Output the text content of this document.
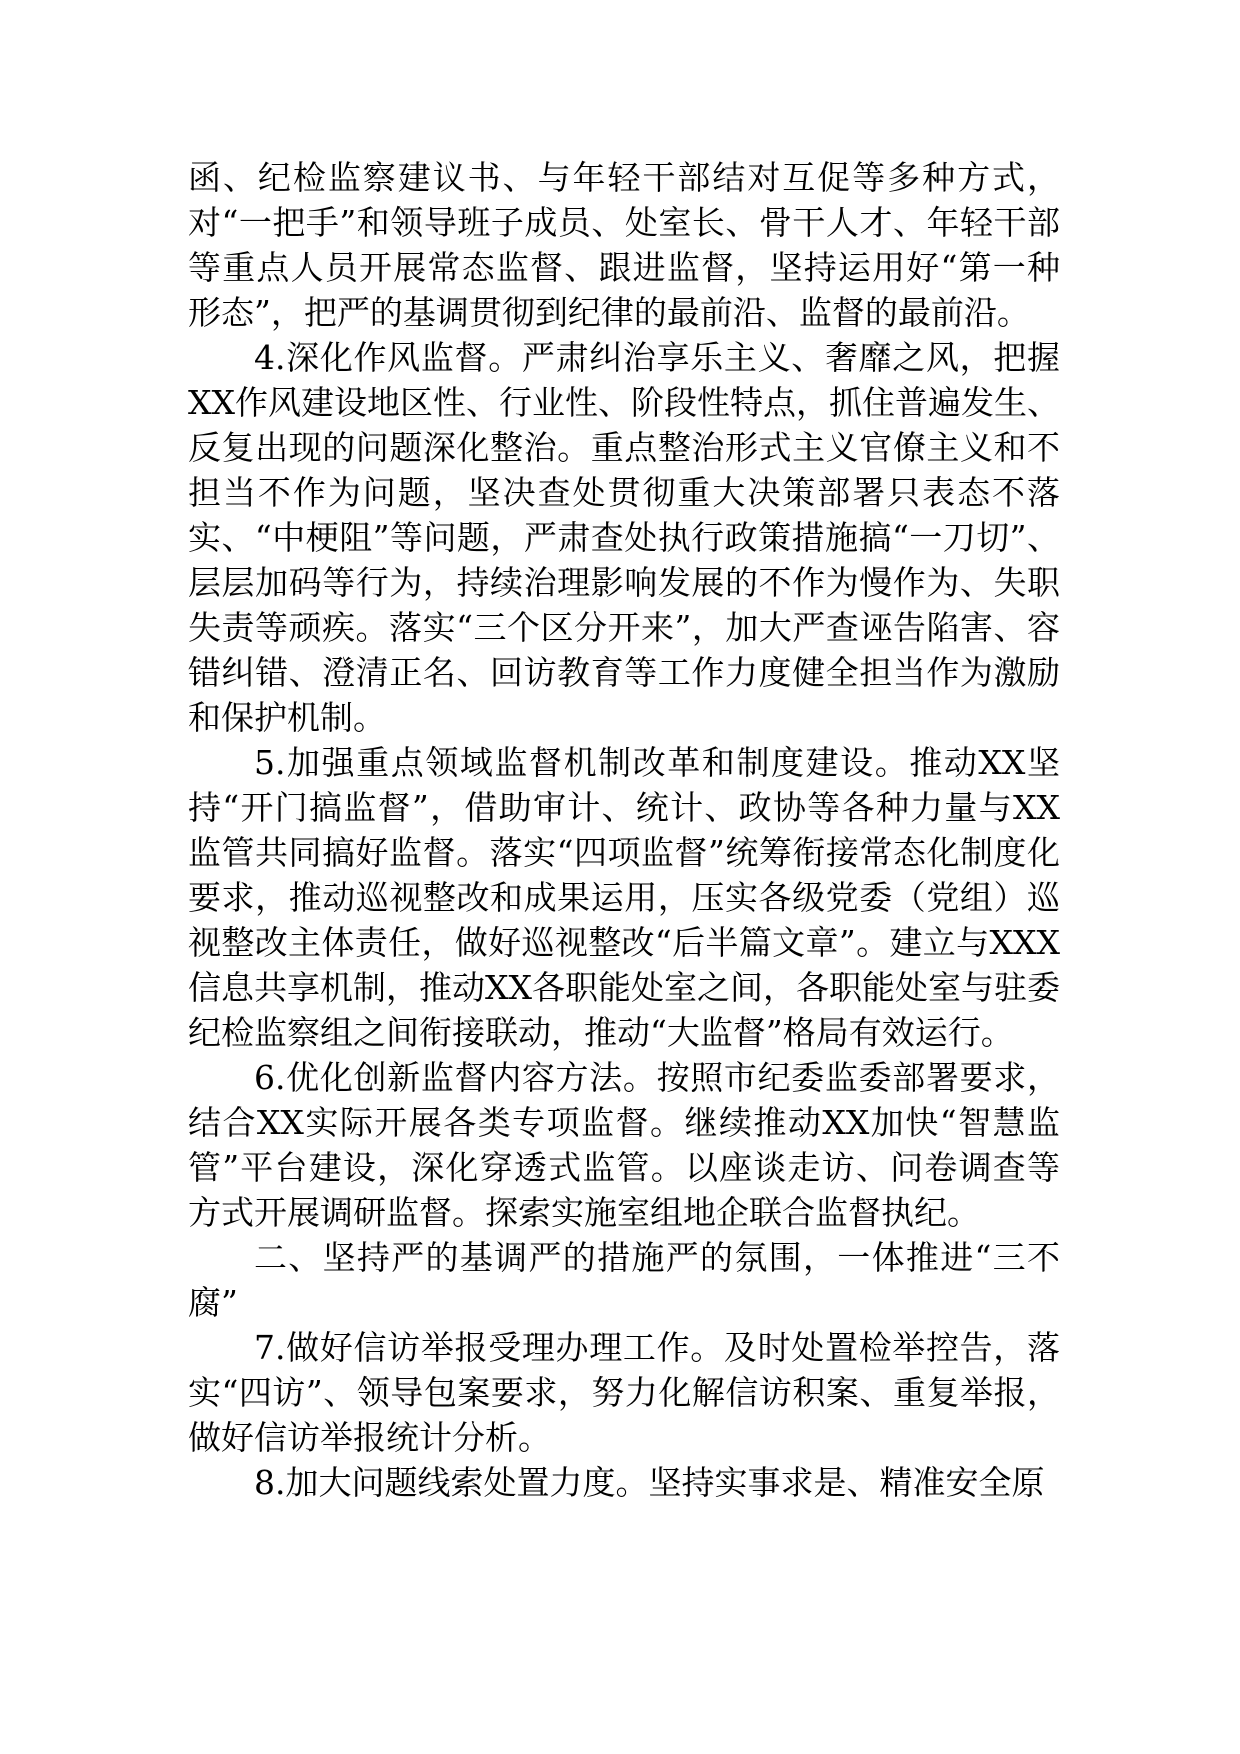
函、纪检监察建议书、与年轻干部结对互促等多种方式，对“一把手”和领导班子成员、处室长、骨干人才、年轻干部等重点人员开展常态监督、跟进监督，坚持运用好“第一种形态”，把严的基调贯彻到纪律的最前沿、监督的最前沿。

4.深化作风监督。严肃纠治享乐主义、奢靡之风，把握XX作风建设地区性、行业性、阶段性特点，抓住普遍发生、反复出现的问题深化整治。重点整治形式主义官僚主义和不担当不作为问题，坚决查处贯彻重大决策部署只表态不落实、“中梗阻”等问题，严肃查处执行政策措施搞“一刀切”、层层加码等行为，持续治理影响发展的不作为慢作为、失职失责等顽疾。落实“三个区分开来”，加大严查诬告陷害、容错纠错、澄清正名、回访教育等工作力度健全担当作为激励和保护机制。

5.加强重点领域监督机制改革和制度建设。推动XX坚持“开门搞监督”，借助审计、统计、政协等各种力量与XX监管共同搞好监督。落实“四项监督”统筹衔接常态化制度化要求，推动巡视整改和成果运用，压实各级党委（党组）巡视整改主体责任，做好巡视整改“后半篇文章”。建立与XXX信息共享机制，推动XX各职能处室之间，各职能处室与驻委纪检监察组之间衔接联动，推动“大监督”格局有效运行。

6.优化创新监督内容方法。按照市纪委监委部署要求，结合XX实际开展各类专项监督。继续推动XX加快“智慧监管”平台建设，深化穿透式监管。以座谈走访、问卷调查等方式开展调研监督。探索实施室组地企联合监督执纪。

二、坚持严的基调严的措施严的氛围，一体推进“三不腐”

7.做好信访举报受理办理工作。及时处置检举控告，落实“四访”、领导包案要求，努力化解信访积案、重复举报，做好信访举报统计分析。

8.加大问题线索处置力度。坚持实事求是、精准安全原
